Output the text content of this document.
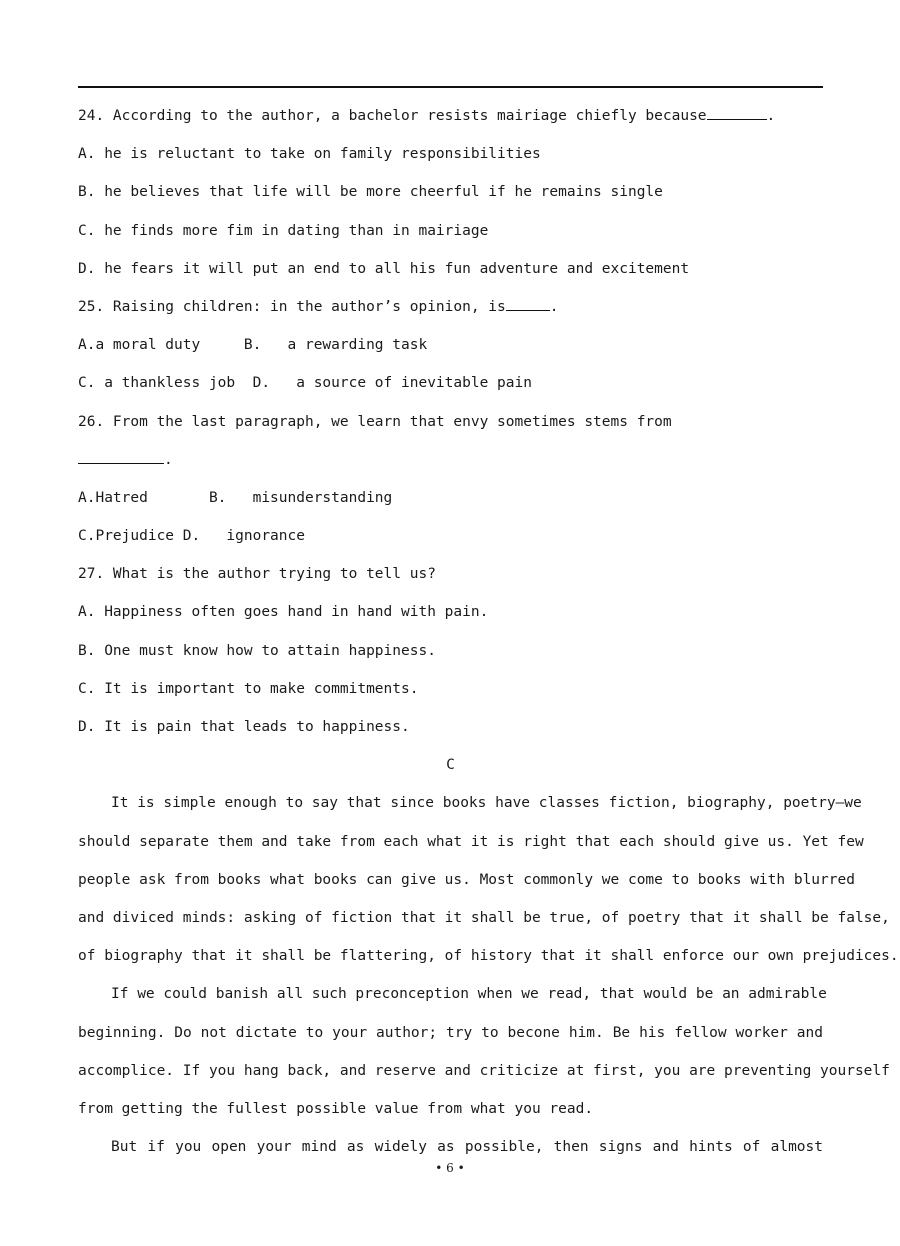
24. According to the author, a bachelor resists mairiage chiefly because	.
A. he is reluctant to take on family responsibilities
B. he believes that life will be more cheerful if he remains single
C. he finds more fim in dating than in mairiage
D. he fears it will put an end to all his fun adventure and excitement
25. Raising children: in the author’s opinion, is	.
A.a moral duty     B.   a rewarding task
C. a thankless job  D.   a source of inevitable pain
26. From the last paragraph, we learn that envy sometimes stems from
.
A.Hatred       B.   misunderstanding
C.Prejudice D.   ignorance
27. What is the author trying to tell us?
A. Happiness often goes hand in hand with pain.
B. One must know how to attain happiness.
C. It is important to make commitments.
D. It is pain that leads to happiness.
C
It is simple enough to say that since books have classes fiction, biography, poetry—we
should separate them and take from each what it is right that each should give us. Yet few
people ask from books what books can give us. Most commonly we come to books with blurred
and diviced minds: asking of fiction that it shall be true, of poetry that it shall be false,
of biography that it shall be flattering, of history that it shall enforce our own prejudices.
If we could banish all such preconception when we read, that would be an admirable
beginning. Do not dictate to your author; try to becone him. Be his fellow worker and
accomplice. If you hang back, and reserve and criticize at first, you are preventing yourself
from getting the fullest possible value from what you read.
But if you open your mind as widely as possible, then signs and hints of almost
• 6 •
